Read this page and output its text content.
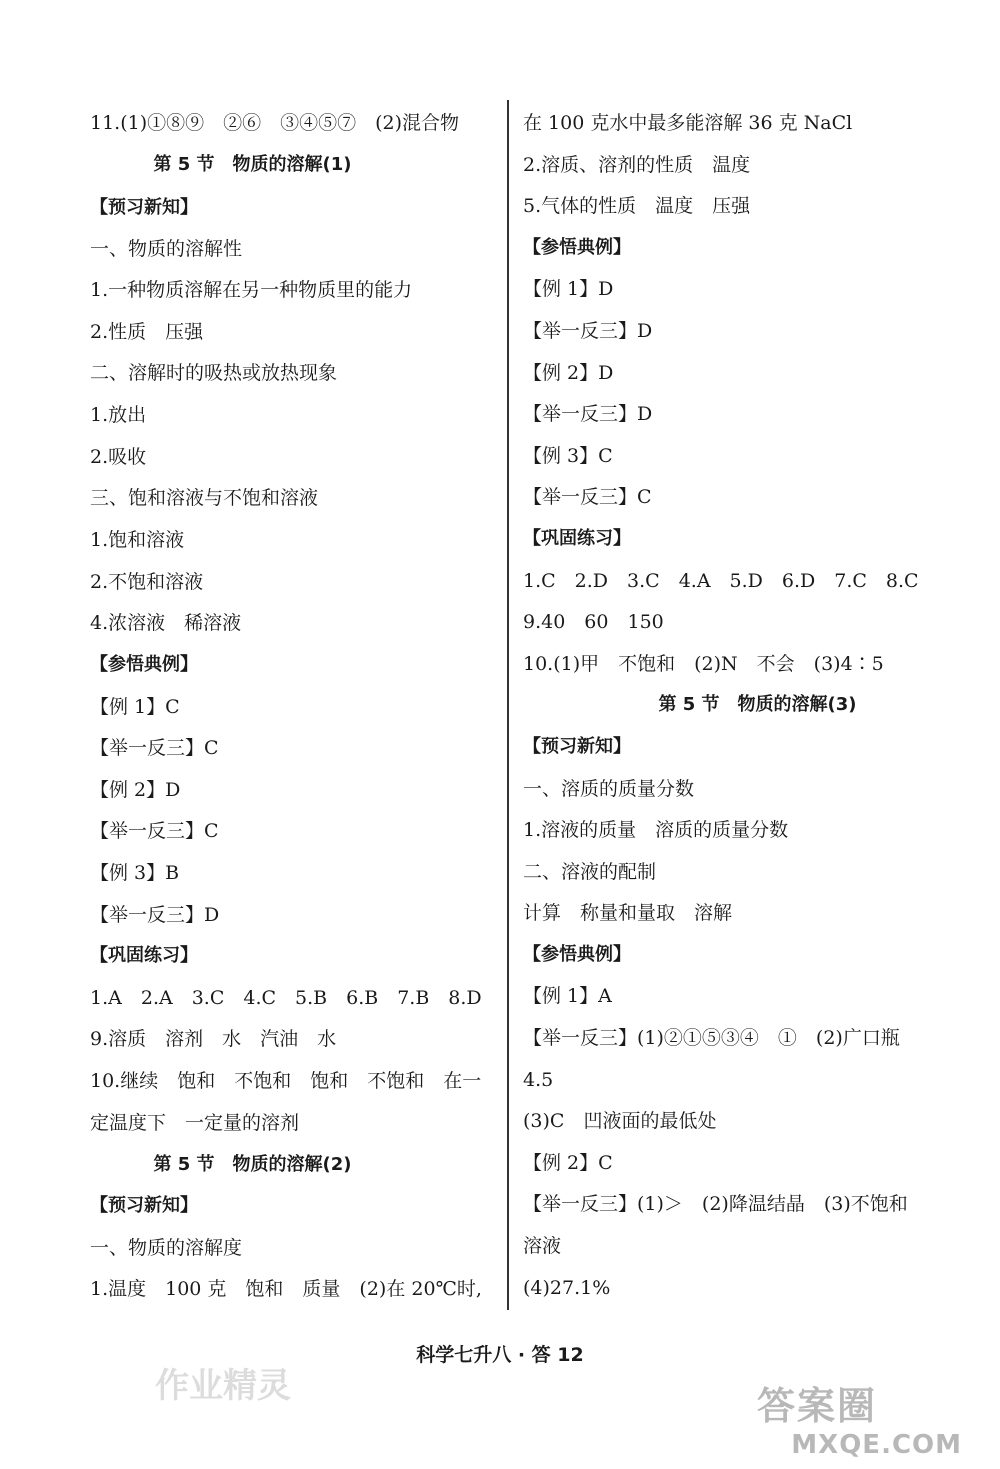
11.(1)①⑧⑨　②⑥　③④⑤⑦　(2)混合物
第 5 节　物质的溶解(1)
【预习新知】
一、物质的溶解性
1.一种物质溶解在另一种物质里的能力
2.性质　压强
二、溶解时的吸热或放热现象
1.放出
2.吸收
三、饱和溶液与不饱和溶液
1.饱和溶液
2.不饱和溶液
4.浓溶液　稀溶液
【参悟典例】
【例 1】C
【举一反三】C
【例 2】D
【举一反三】C
【例 3】B
【举一反三】D
【巩固练习】
1.A　2.A　3.C　4.C　5.B　6.B　7.B　8.D
9.溶质　溶剂　水　汽油　水
10.继续　饱和　不饱和　饱和　不饱和　在一
定温度下　一定量的溶剂
第 5 节　物质的溶解(2)
【预习新知】
一、物质的溶解度
1.温度　100 克　饱和　质量　(2)在 20℃时,
在 100 克水中最多能溶解 36 克 NaCl
2.溶质、溶剂的性质　温度
5.气体的性质　温度　压强
【参悟典例】
【例 1】D
【举一反三】D
【例 2】D
【举一反三】D
【例 3】C
【举一反三】C
【巩固练习】
1.C　2.D　3.C　4.A　5.D　6.D　7.C　8.C
9.40　60　150
10.(1)甲　不饱和　(2)N　不会　(3)4∶5
第 5 节　物质的溶解(3)
【预习新知】
一、溶质的质量分数
1.溶液的质量　溶质的质量分数
二、溶液的配制
计算　称量和量取　溶解
【参悟典例】
【例 1】A
【举一反三】(1)②①⑤③④　①　(2)广口瓶
4.5
(3)C　凹液面的最低处
【例 2】C
【举一反三】(1)＞　(2)降温结晶　(3)不饱和
溶液
(4)27.1%
科学七升八 · 答 12
作业精灵	答案圈
MXQE.COM
